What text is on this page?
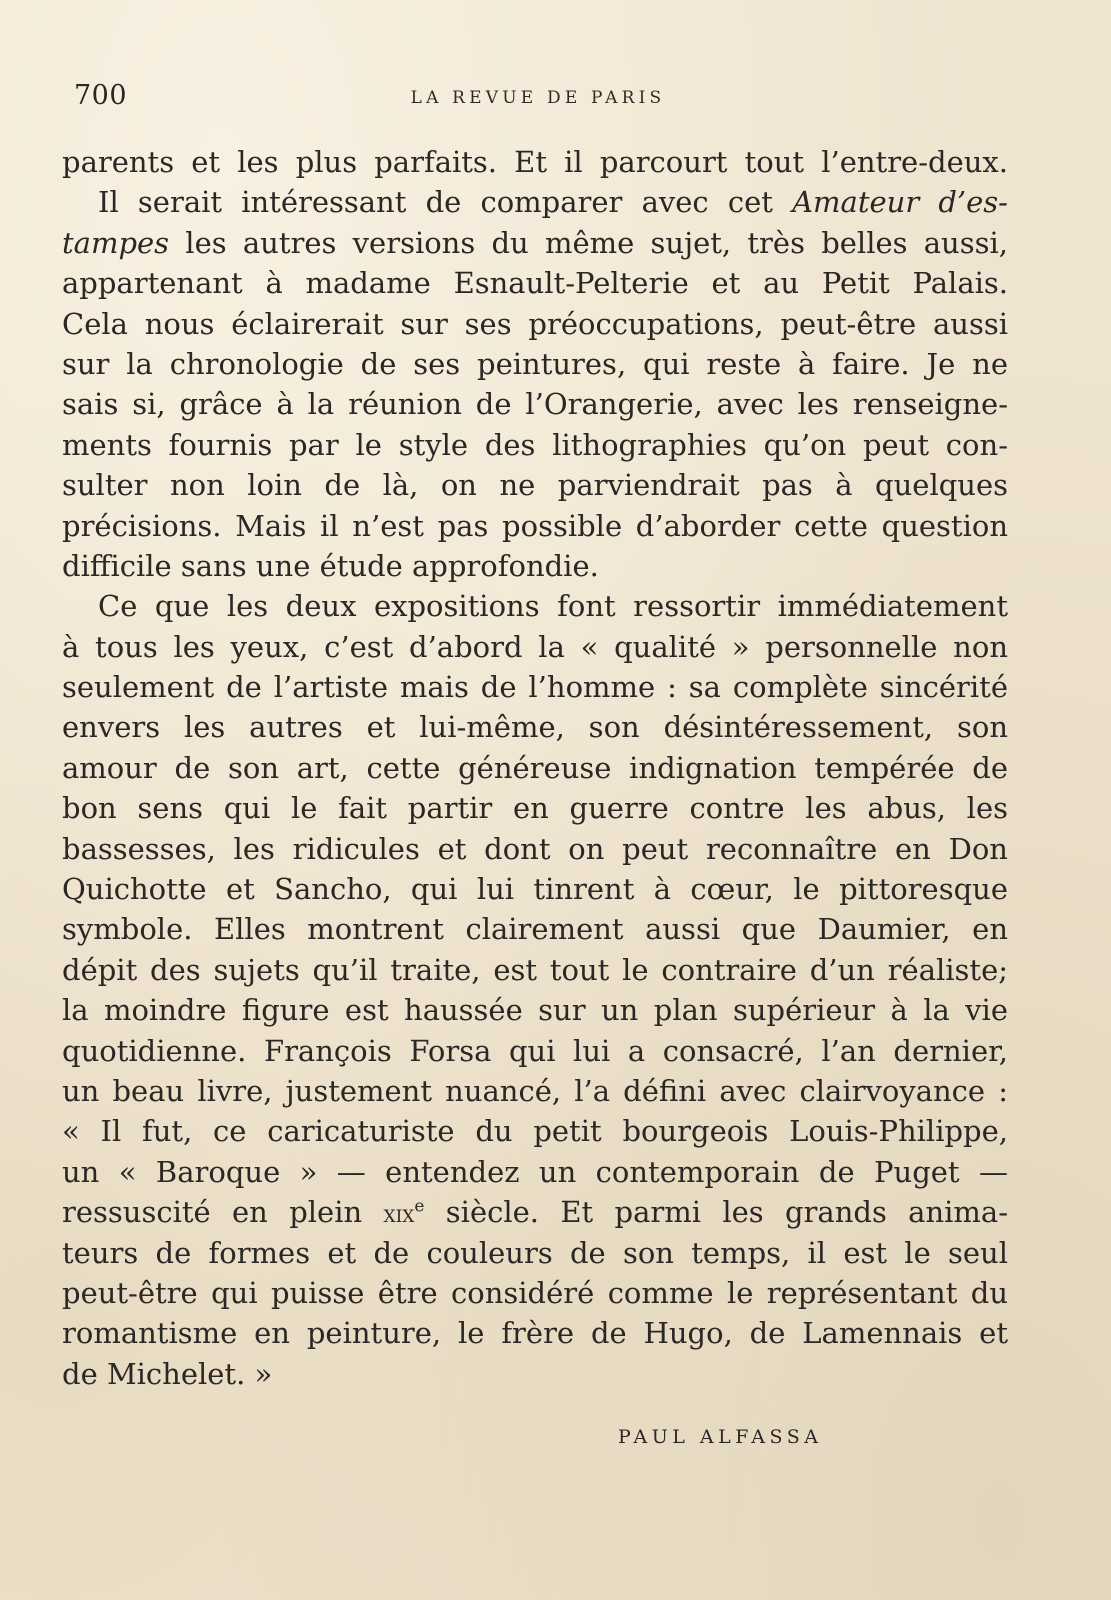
700	LA REVUE DE PARIS
parents et les plus parfaits. Et il parcourt tout l’entre-deux.
Il serait intéressant de comparer avec cet Amateur d’es-
tampes les autres versions du même sujet, très belles aussi,
appartenant à madame Esnault-Pelterie et au Petit Palais.
Cela nous éclairerait sur ses préoccupations, peut-être aussi
sur la chronologie de ses peintures, qui reste à faire. Je ne
sais si, grâce à la réunion de l’Orangerie, avec les renseigne-
ments fournis par le style des lithographies qu’on peut con-
sulter non loin de là, on ne parviendrait pas à quelques
précisions. Mais il n’est pas possible d’aborder cette question
difficile sans une étude approfondie.
Ce que les deux expositions font ressortir immédiatement
à tous les yeux, c’est d’abord la « qualité » personnelle non
seulement de l’artiste mais de l’homme : sa complète sincérité
envers les autres et lui-même, son désintéressement, son
amour de son art, cette généreuse indignation tempérée de
bon sens qui le fait partir en guerre contre les abus, les
bassesses, les ridicules et dont on peut reconnaître en Don
Quichotte et Sancho, qui lui tinrent à cœur, le pittoresque
symbole. Elles montrent clairement aussi que Daumier, en
dépit des sujets qu’il traite, est tout le contraire d’un réaliste;
la moindre figure est haussée sur un plan supérieur à la vie
quotidienne. François Forsa qui lui a consacré, l’an dernier,
un beau livre, justement nuancé, l’a défini avec clairvoyance :
« Il fut, ce caricaturiste du petit bourgeois Louis-Philippe,
un « Baroque » — entendez un contemporain de Puget —
ressuscité en plein xix$^e$ siècle. Et parmi les grands anima-
teurs de formes et de couleurs de son temps, il est le seul
peut-être qui puisse être considéré comme le représentant du
romantisme en peinture, le frère de Hugo, de Lamennais et
de Michelet. »
PAUL ALFASSA
